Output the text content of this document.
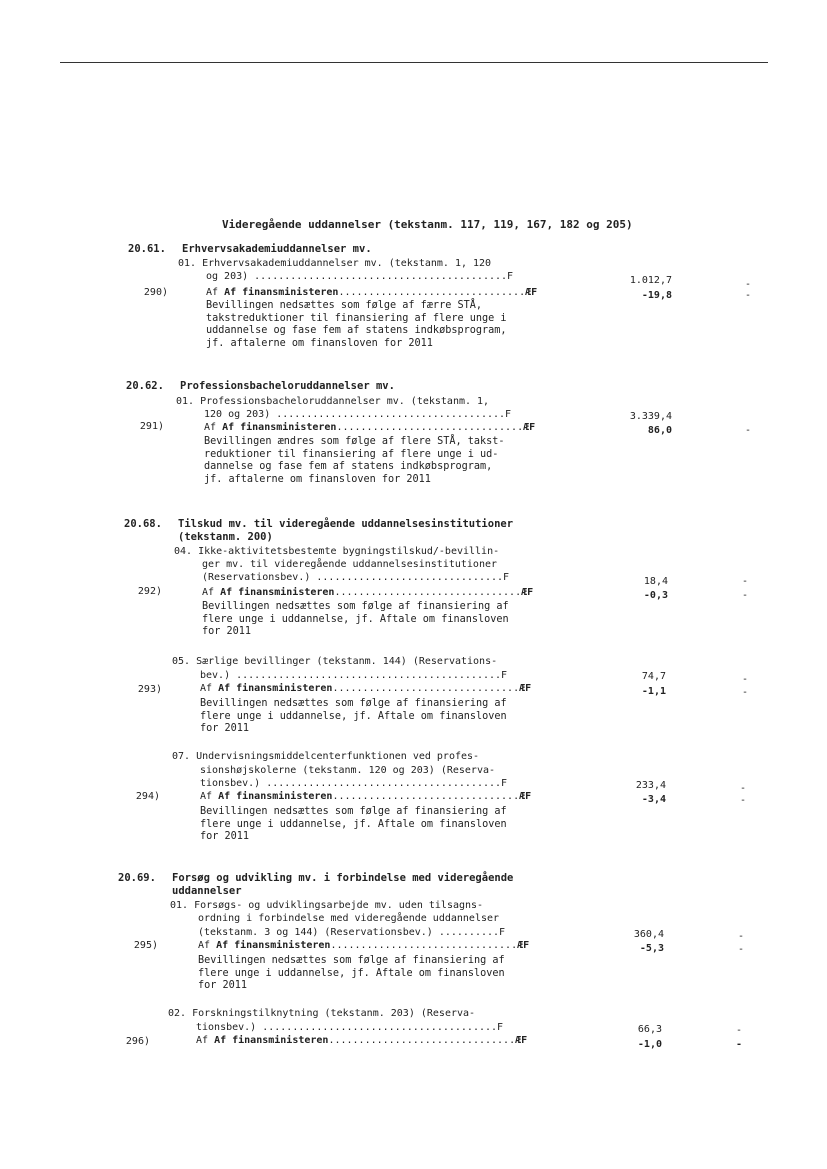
Videregående uddannelser (tekstanm. 117, 119, 167, 182 og 205)
20.61. Erhvervsakademiuddannelser mv.
01. Erhvervsakademiuddannelser mv. (tekstanm. 1, 120
og 203) ..........................................F	1.012,7	-
290)	Af Af finansministeren...............................ÆF	-19,8	-
Bevillingen nedsættes som følge af færre STÅ,
takstreduktioner til finansiering af flere unge i
uddannelse og fase fem af statens indkøbsprogram,
jf. aftalerne om finansloven for 2011
20.62. Professionsbacheloruddannelser mv.
01. Professionsbacheloruddannelser mv. (tekstanm. 1,
120 og 203) ......................................F	3.339,4
291)	Af Af finansministeren...............................ÆF	86,0	-
Bevillingen ændres som følge af flere STÅ, takst-
reduktioner til finansiering af flere unge i ud-
dannelse og fase fem af statens indkøbsprogram,
jf. aftalerne om finansloven for 2011
20.68. Tilskud mv. til videregående uddannelsesinstitutioner
(tekstanm. 200)
04. Ikke-aktivitetsbestemte bygningstilskud/-bevillin-
ger mv. til videregående uddannelsesinstitutioner
(Reservationsbev.) ...............................F	18,4	-
292)	Af Af finansministeren...............................ÆF	-0,3	-
Bevillingen nedsættes som følge af finansiering af
flere unge i uddannelse, jf. Aftale om finansloven
for 2011
05. Særlige bevillinger (tekstanm. 144) (Reservations-
bev.) ............................................F	74,7	-
293)	Af Af finansministeren...............................ÆF	-1,1	-
Bevillingen nedsættes som følge af finansiering af
flere unge i uddannelse, jf. Aftale om finansloven
for 2011
07. Undervisningsmiddelcenterfunktionen ved profes-
sionshøjskolerne (tekstanm. 120 og 203) (Reserva-
tionsbev.) .......................................F	233,4	-
294)	Af Af finansministeren...............................ÆF	-3,4	-
Bevillingen nedsættes som følge af finansiering af
flere unge i uddannelse, jf. Aftale om finansloven
for 2011
20.69. Forsøg og udvikling mv. i forbindelse med videregående
uddannelser
01. Forsøgs- og udviklingsarbejde mv. uden tilsagns-
ordning i forbindelse med videregående uddannelser
(tekstanm. 3 og 144) (Reservationsbev.) ..........F	360,4	-
295)	Af Af finansministeren...............................ÆF	-5,3	-
Bevillingen nedsættes som følge af finansiering af
flere unge i uddannelse, jf. Aftale om finansloven
for 2011
02. Forskningstilknytning (tekstanm. 203) (Reserva-
tionsbev.) .......................................F	66,3	-
296)	Af Af finansministeren...............................ÆF	-1,0	-
